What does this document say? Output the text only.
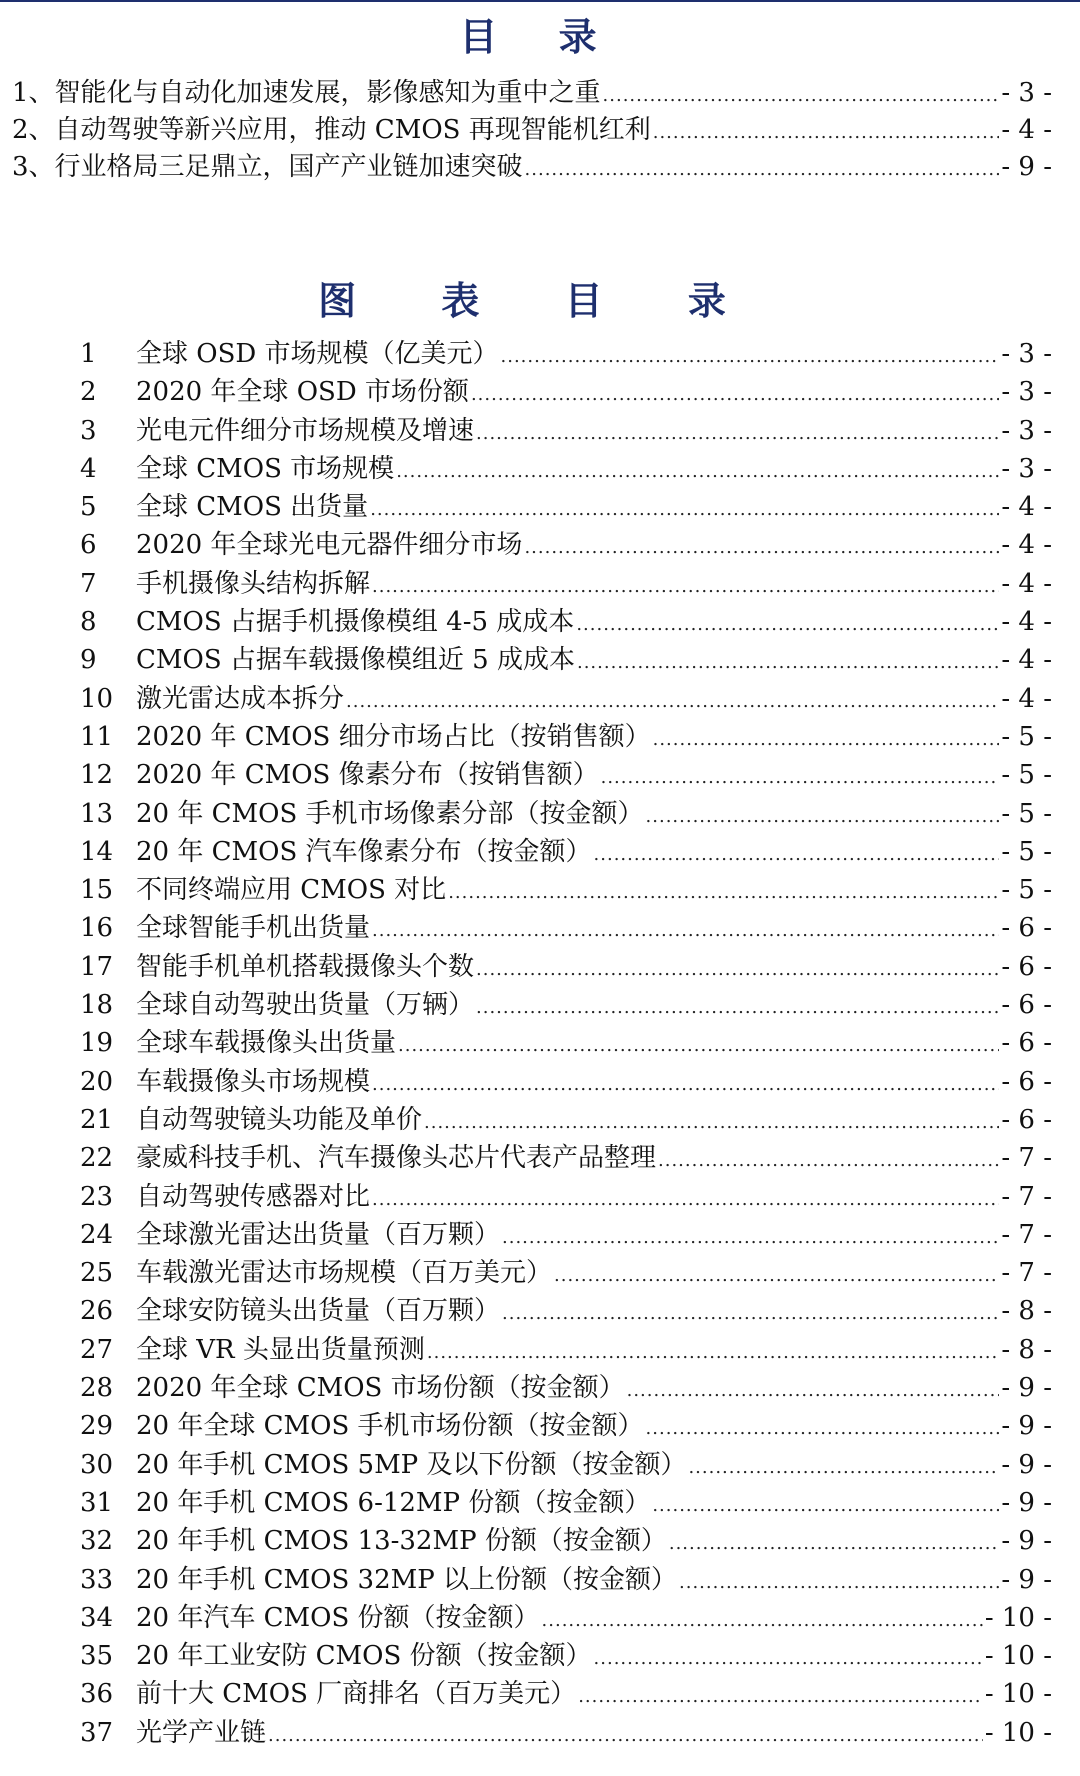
目 录
1、智能化与自动化加速发展，影像感知为重中之重 .....	- 3 -
2、自动驾驶等新兴应用，推动 CMOS 再现智能机红利 .....	- 4 -
3、行业格局三足鼎立，国产产业链加速突破 .....	- 9 -
图 表 目 录
1	全球 OSD 市场规模（亿美元） .....	- 3 -
2	2020 年全球 OSD 市场份额 .....	- 3 -
3	光电元件细分市场规模及增速 .....	- 3 -
4	全球 CMOS 市场规模 .....	- 3 -
5	全球 CMOS 出货量 .....	- 4 -
6	2020 年全球光电元器件细分市场 .....	- 4 -
7	手机摄像头结构拆解 .....	- 4 -
8	CMOS 占据手机摄像模组 4-5 成成本 .....	- 4 -
9	CMOS 占据车载摄像模组近 5 成成本 .....	- 4 -
10 激光雷达成本拆分 .....	- 4 -
11 2020 年 CMOS 细分市场占比（按销售额） .....	- 5 -
12 2020 年 CMOS 像素分布（按销售额） .....	- 5 -
13 20 年 CMOS 手机市场像素分部（按金额） .....	- 5 -
14 20 年 CMOS 汽车像素分布（按金额） .....	- 5 -
15 不同终端应用 CMOS 对比 .....	- 5 -
16 全球智能手机出货量 .....	- 6 -
17 智能手机单机搭载摄像头个数 .....	- 6 -
18 全球自动驾驶出货量（万辆） .....	- 6 -
19 全球车载摄像头出货量 .....	- 6 -
20 车载摄像头市场规模 .....	- 6 -
21 自动驾驶镜头功能及单价 .....	- 6 -
22 豪威科技手机、汽车摄像头芯片代表产品整理 .....	- 7 -
23 自动驾驶传感器对比 .....	- 7 -
24 全球激光雷达出货量（百万颗） .....	- 7 -
25 车载激光雷达市场规模（百万美元） .....	- 7 -
26 全球安防镜头出货量（百万颗） .....	- 8 -
27 全球 VR 头显出货量预测 .....	- 8 -
28 2020 年全球 CMOS 市场份额（按金额） .....	- 9 -
29 20 年全球 CMOS 手机市场份额（按金额） .....	- 9 -
30 20 年手机 CMOS 5MP 及以下份额（按金额） .....	- 9 -
31 20 年手机 CMOS 6-12MP 份额（按金额） .....	- 9 -
32 20 年手机 CMOS 13-32MP 份额（按金额） .....	- 9 -
33 20 年手机 CMOS 32MP 以上份额（按金额） .....	- 9 -
34 20 年汽车 CMOS 份额（按金额） .....	- 10 -
35 20 年工业安防 CMOS 份额（按金额） .....	- 10 -
36 前十大 CMOS 厂商排名（百万美元） .....	- 10 -
37 光学产业链 .....	- 10 -
